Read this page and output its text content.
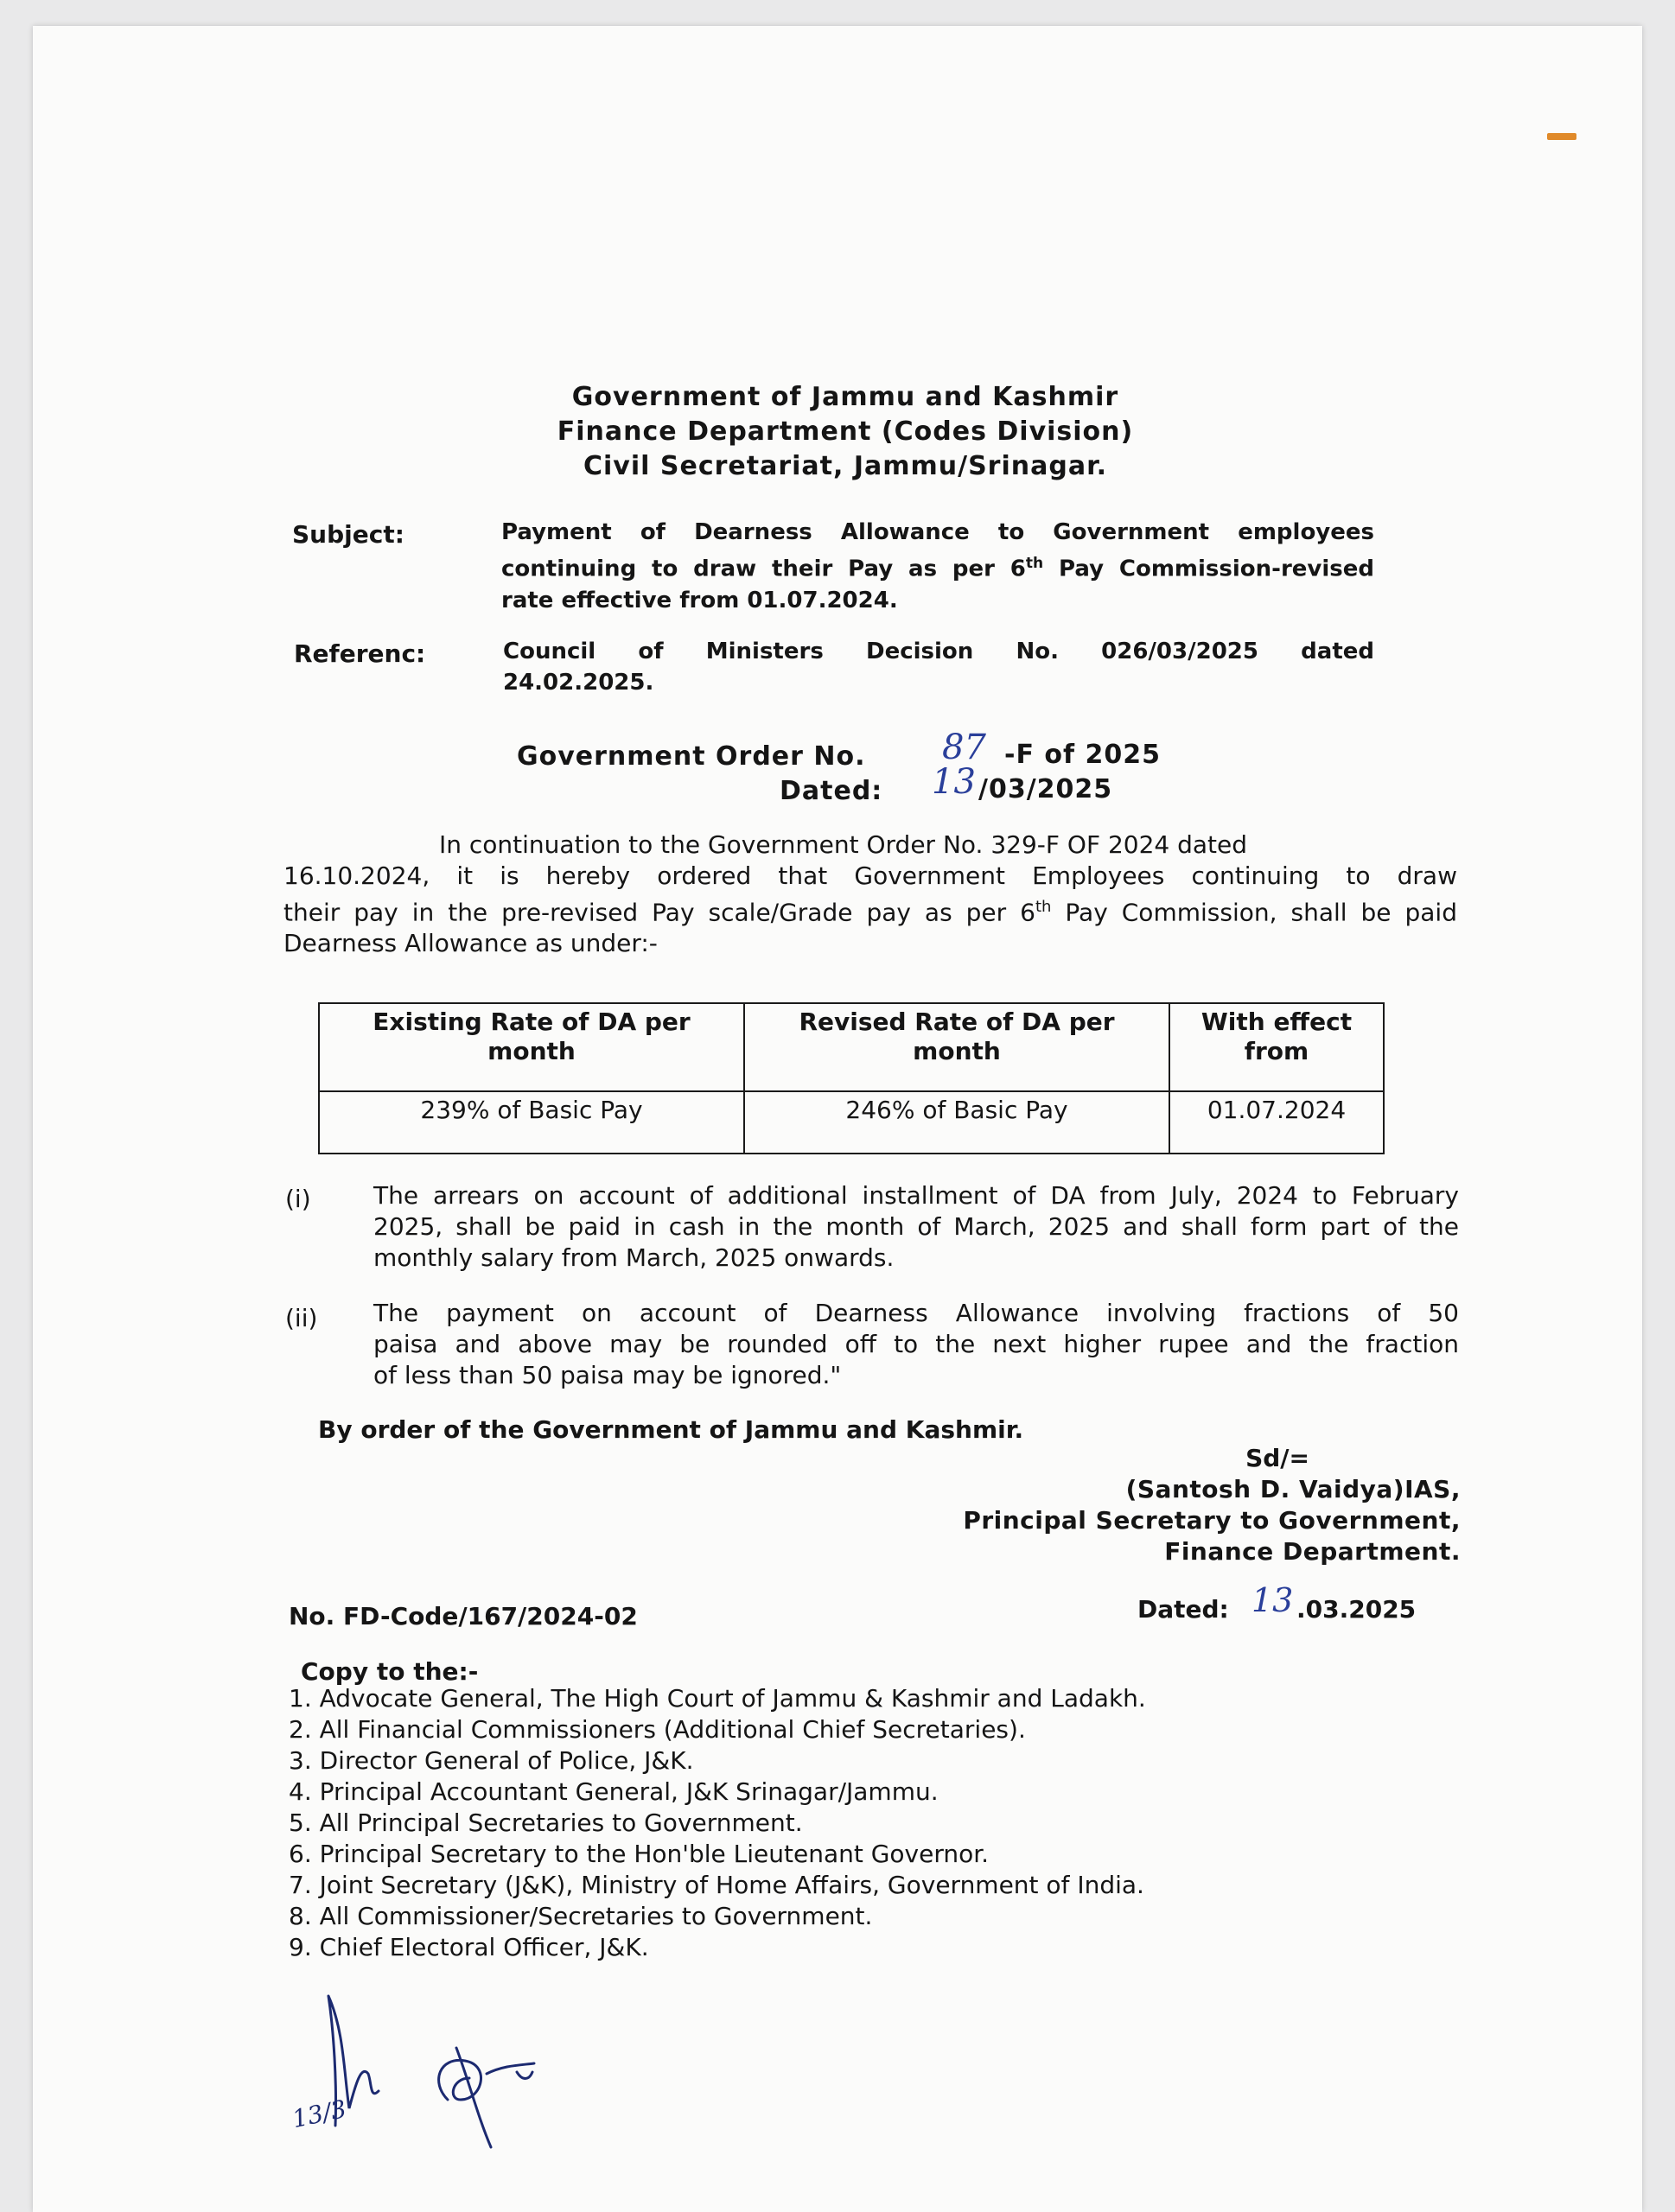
Government of Jammu and Kashmir
Finance Department (Codes Division)
Civil Secretariat, Jammu/Srinagar.
Subject:	Payment of Dearness Allowance to Government employees
continuing to draw their Pay as per 6th Pay Commission-revised
rate effective from 01.07.2024.
Referenc:	Council of Ministers Decision No. 026/03/2025 dated
24.02.2025.
Government Order No. 87 -F of 2025
Dated: 13 /03/2025
In continuation to the Government Order No. 329-F OF 2024 dated
16.10.2024, it is hereby ordered that Government Employees continuing to draw
their pay in the pre-revised Pay scale/Grade pay as per 6th Pay Commission, shall be paid
Dearness Allowance as under:-
Existing Rate of DA per month	Revised Rate of DA per month	With effect from
239% of Basic Pay	246% of Basic Pay	01.07.2024
(i)	The arrears on account of additional installment of DA from July, 2024 to February
2025, shall be paid in cash in the month of March, 2025 and shall form part of the
monthly salary from March, 2025 onwards.
(ii) The payment on account of Dearness Allowance involving fractions of 50
paisa and above may be rounded off to the next higher rupee and the fraction
of less than 50 paisa may be ignored."
By order of the Government of Jammu and Kashmir.
Sd/=
(Santosh D. Vaidya)IAS,
Principal Secretary to Government,
Finance Department.
No. FD-Code/167/2024-02	Dated: 13 .03.2025
Copy to the:-
1. Advocate General, The High Court of Jammu & Kashmir and Ladakh.
2. All Financial Commissioners (Additional Chief Secretaries).
3. Director General of Police, J&K.
4. Principal Accountant General, J&K Srinagar/Jammu.
5. All Principal Secretaries to Government.
6. Principal Secretary to the Hon'ble Lieutenant Governor.
7. Joint Secretary (J&K), Ministry of Home Affairs, Government of India.
8. All Commissioner/Secretaries to Government.
9. Chief Electoral Officer, J&K.
13/3
